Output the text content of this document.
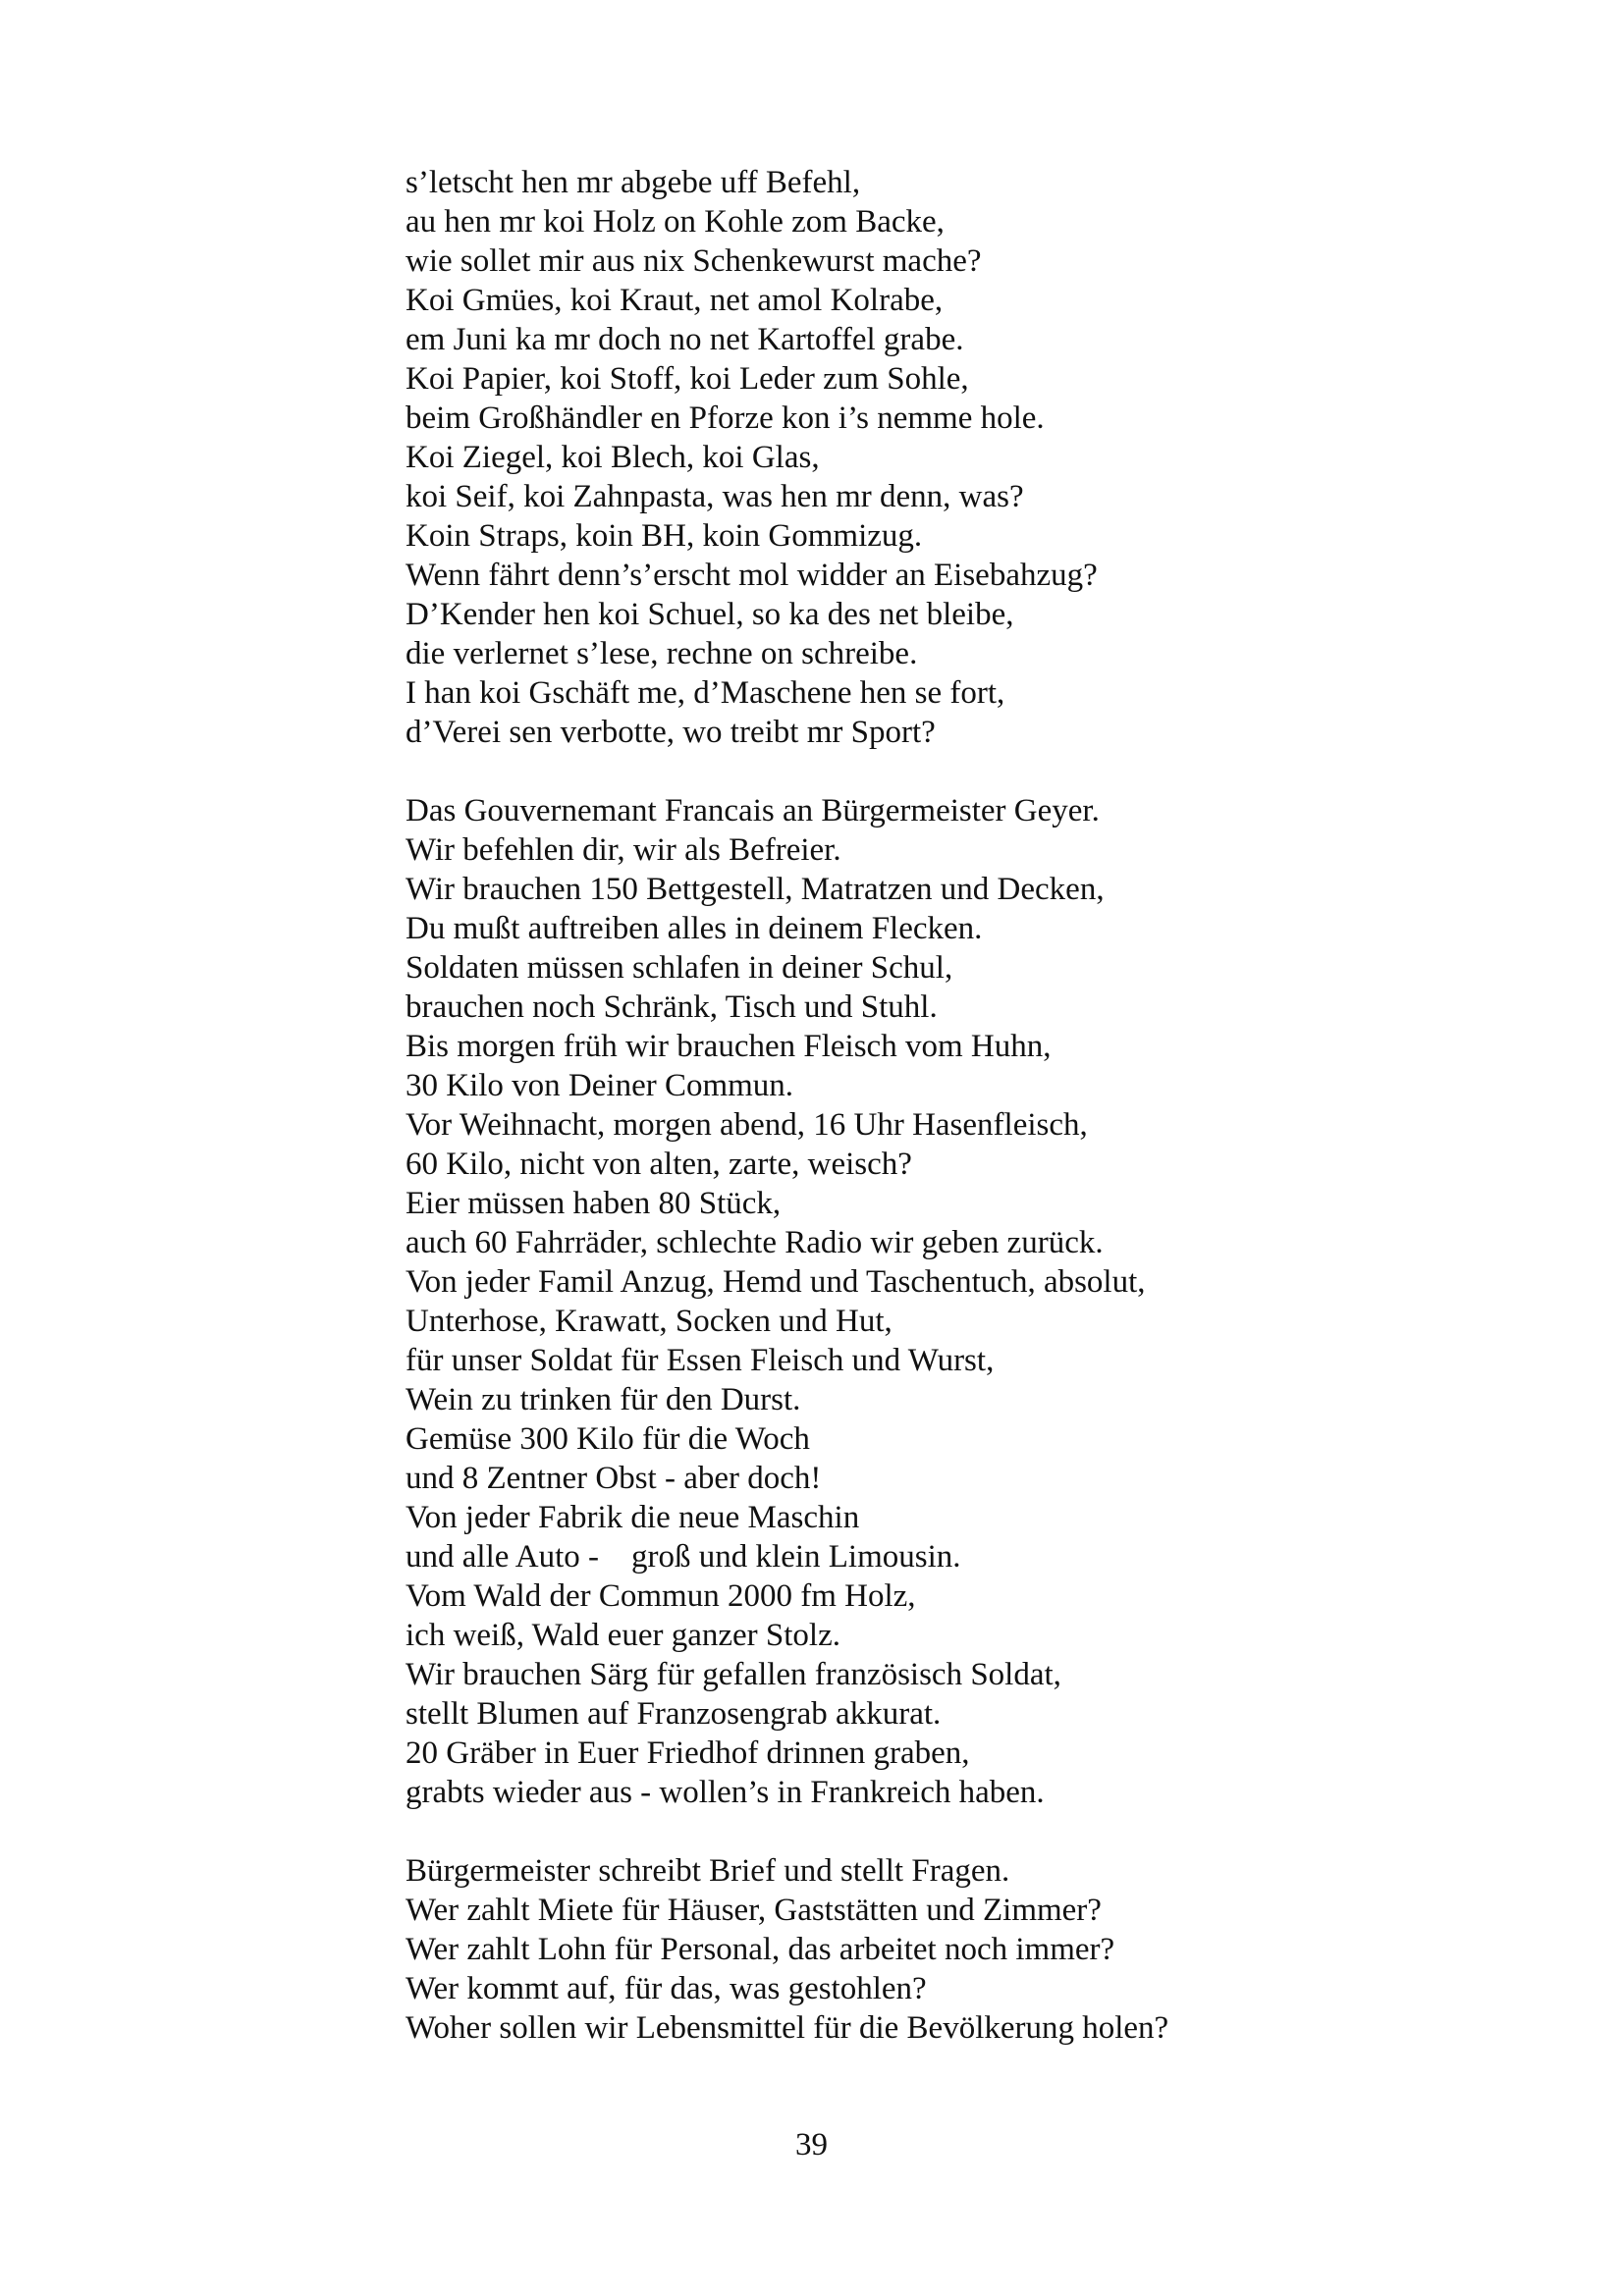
s’letscht hen mr abgebe uff Befehl,
au hen mr koi Holz on Kohle zom Backe,
wie sollet mir aus nix Schenkewurst mache?
Koi Gmües, koi Kraut, net amol Kolrabe,
em Juni ka mr doch no net Kartoffel grabe.
Koi Papier, koi Stoff, koi Leder zum Sohle,
beim Großhändler en Pforze kon i’s nemme hole.
Koi Ziegel, koi Blech, koi Glas,
koi Seif, koi Zahnpasta, was hen mr denn, was?
Koin Straps, koin BH, koin Gommizug.
Wenn fährt denn’s’erscht mol widder an Eisebahzug?
D’Kender hen koi Schuel, so ka des net bleibe,
die verlernet s’lese, rechne on schreibe.
I han koi Gschäft me, d’Maschene hen se fort,
d’Verei sen verbotte, wo treibt mr Sport?
Das Gouvernemant Francais an Bürgermeister Geyer.
Wir befehlen dir, wir als Befreier.
Wir brauchen 150 Bettgestell, Matratzen und Decken,
Du mußt auftreiben alles in deinem Flecken.
Soldaten müssen schlafen in deiner Schul,
brauchen noch Schränk, Tisch und Stuhl.
Bis morgen früh wir brauchen Fleisch vom Huhn,
30 Kilo von Deiner Commun.
Vor Weihnacht, morgen abend, 16 Uhr Hasenfleisch,
60 Kilo, nicht von alten, zarte, weisch?
Eier müssen haben 80 Stück,
auch 60 Fahrräder, schlechte Radio wir geben zurück.
Von jeder Famil Anzug, Hemd und Taschentuch, absolut,
Unterhose, Krawatt, Socken und Hut,
für unser Soldat für Essen Fleisch und Wurst,
Wein zu trinken für den Durst.
Gemüse 300 Kilo für die Woch
und 8 Zentner Obst - aber doch!
Von jeder Fabrik die neue Maschin
und alle Auto -    groß und klein Limousin.
Vom Wald der Commun 2000 fm Holz,
ich weiß, Wald euer ganzer Stolz.
Wir brauchen Särg für gefallen französisch Soldat,
stellt Blumen auf Franzosengrab akkurat.
20 Gräber in Euer Friedhof drinnen graben,
grabts wieder aus - wollen’s in Frankreich haben.
Bürgermeister schreibt Brief und stellt Fragen.
Wer zahlt Miete für Häuser, Gaststätten und Zimmer?
Wer zahlt Lohn für Personal, das arbeitet noch immer?
Wer kommt auf, für das, was gestohlen?
Woher sollen wir Lebensmittel für die Bevölkerung holen?
39
